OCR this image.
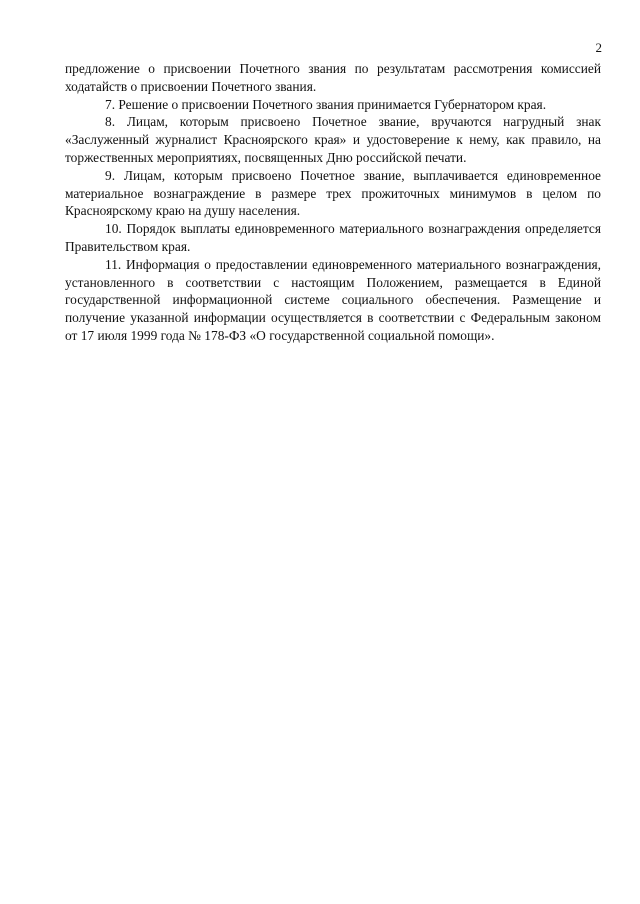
2

предложение о присвоении Почетного звания по результатам рассмотрения комиссией ходатайств о присвоении Почетного звания.

7. Решение о присвоении Почетного звания принимается Губернатором края.

8. Лицам, которым присвоено Почетное звание, вручаются нагрудный знак «Заслуженный журналист Красноярского края» и удостоверение к нему, как правило, на торжественных мероприятиях, посвященных Дню российской печати.

9. Лицам, которым присвоено Почетное звание, выплачивается единовременное материальное вознаграждение в размере трех прожиточных минимумов в целом по Красноярскому краю на душу населения.

10. Порядок выплаты единовременного материального вознаграждения определяется Правительством края.

11. Информация о предоставлении единовременного материального вознаграждения, установленного в соответствии с настоящим Положением, размещается в Единой государственной информационной системе социального обеспечения. Размещение и получение указанной информации осуществляется в соответствии с Федеральным законом от 17 июля 1999 года № 178-ФЗ «О государственной социальной помощи».
